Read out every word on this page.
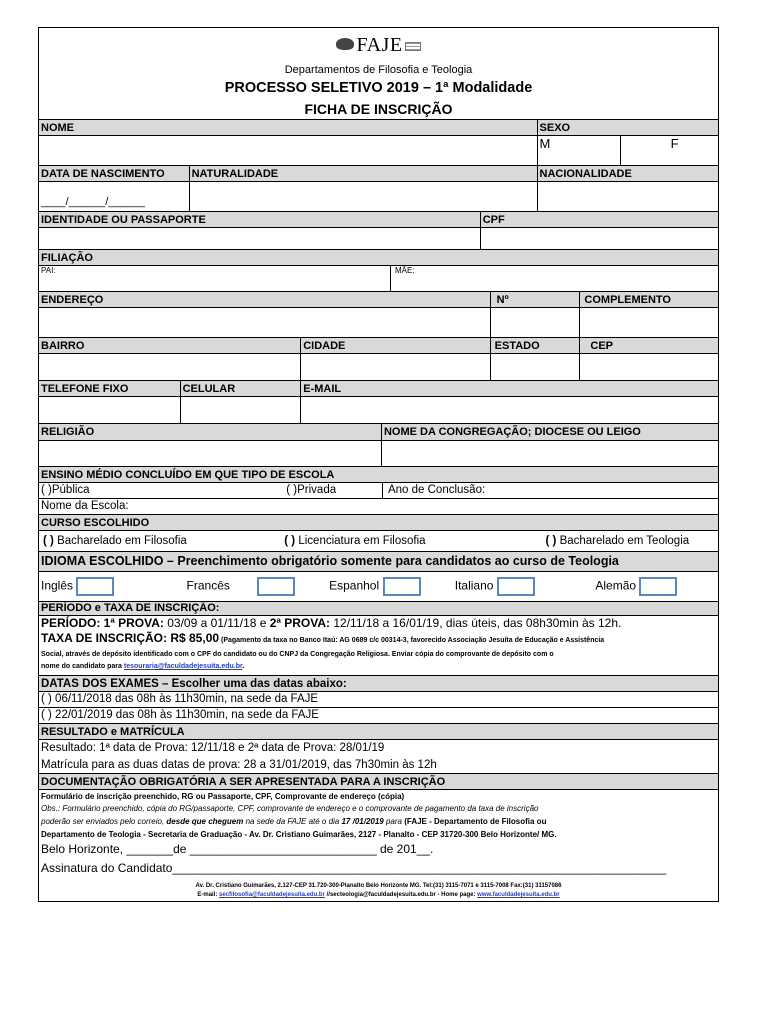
FAJE
Departamentos de Filosofia e Teologia
PROCESSO SELETIVO 2019 – 1ª Modalidade
FICHA DE INSCRIÇÃO
NOME	SEXO
M	F
DATA DE NASCIMENTO	NATURALIDADE	NACIONALIDADE
____/______/______
IDENTIDADE OU PASSAPORTE	CPF
FILIAÇÃO
PAI:	MÃE:
ENDEREÇO	Nº	COMPLEMENTO
BAIRRO	CIDADE	ESTADO	CEP
TELEFONE FIXO	CELULAR	E-MAIL
RELIGIÃO	NOME DA CONGREGAÇÃO; DIOCESE OU LEIGO
ENSINO MÉDIO CONCLUÍDO EM QUE TIPO DE ESCOLA
( )Pública	( )Privada	Ano de Conclusão:
Nome da Escola:
CURSO ESCOLHIDO
( ) Bacharelado em Filosofia	( ) Licenciatura em Filosofia	( ) Bacharelado em Teologia
IDIOMA ESCOLHIDO – Preenchimento obrigatório somente para candidatos ao curso de Teologia
Inglês	Francês	Espanhol	Italiano	Alemão
PERÍODO e TAXA DE INSCRIÇÃO:
PERÍODO: 1ª PROVA: 03/09 a 01/11/18 e 2ª PROVA: 12/11/18 a 16/01/19, dias úteis, das 08h30min às 12h.
TAXA DE INSCRIÇÃO: R$ 85,00 (Pagamento da taxa no Banco Itaú: AG 0689 c/c 00314-3, favorecido Associação Jesuíta de Educação e Assistência
Social, através de depósito identificado com o CPF do candidato ou do CNPJ da Congregação Religiosa. Enviar cópia do comprovante de depósito com o
nome do candidato para tesouraria@faculdadejesuita.edu.br.
DATAS DOS EXAMES – Escolher uma das datas abaixo:
( ) 06/11/2018 das 08h às 11h30min, na sede da FAJE
( ) 22/01/2019 das 08h às 11h30min, na sede da FAJE
RESULTADO e MATRÍCULA
Resultado: 1ª data de Prova: 12/11/18 e 2ª data de Prova: 28/01/19
Matrícula para as duas datas de prova: 28 a 31/01/2019, das 7h30min às 12h
DOCUMENTAÇÃO OBRIGATÓRIA A SER APRESENTADA PARA A INSCRIÇÃO
Formulário de inscrição preenchido, RG ou Passaporte, CPF, Comprovante de endereço (cópia)
Obs.: Formulário preenchido, cópia do RG/passaporte, CPF, comprovante de endereço e o comprovante de pagamento da taxa de inscrição
poderão ser enviados pelo correio, desde que cheguem na sede da FAJE até o dia 17 /01/2019 para (FAJE - Departamento de Filosofia ou
Departamento de Teologia - Secretaria de Graduação - Av. Dr. Cristiano Guimarães, 2127 - Planalto - CEP 31720-300 Belo Horizonte/ MG.
Belo Horizonte, _______de ____________________________ de 201__.
Assinatura do Candidato__________________________________________________________________________
Av. Dr. Cristiano Guimarães, 2.127-CEP 31.720-300-Planalto Belo Horizonte MG. Tel:(31) 3115-7071 e 3115-7008 Fax:(31) 31157086
E-mail: secfilosofia@faculdadejesuita.edu.br //secteologia@faculdadejesuita.edu.br - Home page: www.faculdadejesuita.edu.br
